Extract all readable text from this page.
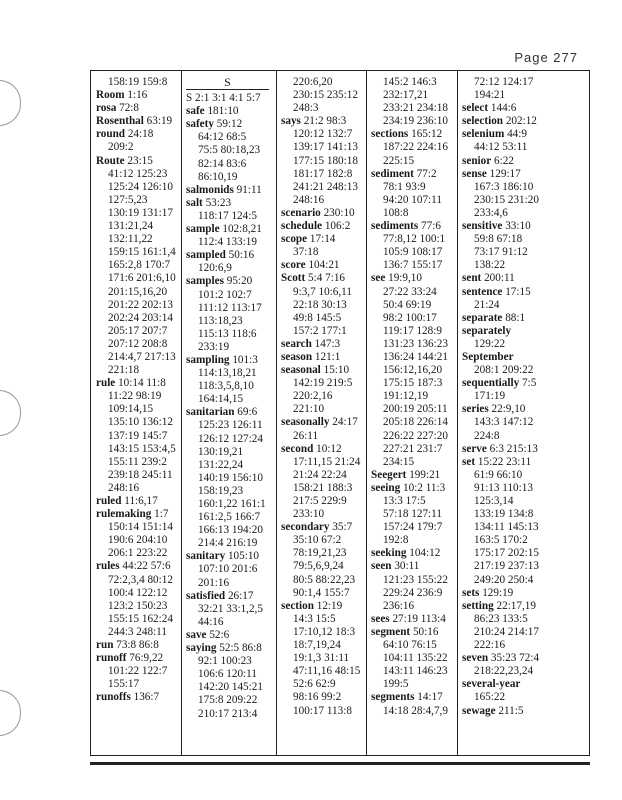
Page 277
158:19 159:8
Room 1:16
rosa 72:8
Rosenthal 63:19
round 24:18
209:2
Route 23:15
41:12 125:23
125:24 126:10
127:5,23
130:19 131:17
131:21,24
132:11,22
159:15 161:1,4
165:2,8 170:7
171:6 201:6,10
201:15,16,20
201:22 202:13
202:24 203:14
205:17 207:7
207:12 208:8
214:4,7 217:13
221:18
rule 10:14 11:8
11:22 98:19
109:14,15
135:10 136:12
137:19 145:7
143:15 153:4,5
155:11 239:2
239:18 245:11
248:16
ruled 11:6,17
rulemaking 1:7
150:14 151:14
190:6 204:10
206:1 223:22
rules 44:22 57:6
72:2,3,4 80:12
100:4 122:12
123:2 150:23
155:15 162:24
244:3 248:11
run 73:8 86:8
runoff 76:9,22
101:22 122:7
155:17
runoffs 136:7
S
S 2:1 3:1 4:1 5:7
safe 181:10
safety 59:12
64:12 68:5
75:5 80:18,23
82:14 83:6
86:10,19
salmonids 91:11
salt 53:23
118:17 124:5
sample 102:8,21
112:4 133:19
sampled 50:16
120:6,9
samples 95:20
101:2 102:7
111:12 113:17
113:18,23
115:13 118:6
233:19
sampling 101:3
114:13,18,21
118:3,5,8,10
164:14,15
sanitarian 69:6
125:23 126:11
126:12 127:24
130:19,21
131:22,24
140:19 156:10
158:19,23
160:1,22 161:1
161:2,5 166:7
166:13 194:20
214:4 216:19
sanitary 105:10
107:10 201:6
201:16
satisfied 26:17
32:21 33:1,2,5
44:16
save 52:6
saying 52:5 86:8
92:1 100:23
106:6 120:11
142:20 145:21
175:8 209:22
210:17 213:4
220:6,20
230:15 235:12
248:3
says 21:2 98:3
120:12 132:7
139:17 141:13
177:15 180:18
181:17 182:8
241:21 248:13
248:16
scenario 230:10
schedule 106:2
scope 17:14
37:18
score 104:21
Scott 5:4 7:16
9:3,7 10:6,11
22:18 30:13
49:8 145:5
157:2 177:1
search 147:3
season 121:1
seasonal 15:10
142:19 219:5
220:2,16
221:10
seasonally 24:17
26:11
second 10:12
17:11,15 21:24
21:24 22:24
158:21 188:3
217:5 229:9
233:10
secondary 35:7
35:10 67:2
78:19,21,23
79:5,6,9,24
80:5 88:22,23
90:1,4 155:7
section 12:19
14:3 15:5
17:10,12 18:3
18:7,19,24
19:1,3 31:11
47:11,16 48:15
52:6 62:9
98:16 99:2
100:17 113:8
145:2 146:3
232:17,21
233:21 234:18
234:19 236:10
sections 165:12
187:22 224:16
225:15
sediment 77:2
78:1 93:9
94:20 107:11
108:8
sediments 77:6
77:8,12 100:1
105:9 108:17
136:7 155:17
see 19:9,10
27:22 33:24
50:4 69:19
98:2 100:17
119:17 128:9
131:23 136:23
136:24 144:21
156:12,16,20
175:15 187:3
191:12,19
200:19 205:11
205:18 226:14
226:22 227:20
227:21 231:7
234:15
Seegert 199:21
seeing 10:2 11:3
13:3 17:5
57:18 127:11
157:24 179:7
192:8
seeking 104:12
seen 30:11
121:23 155:22
229:24 236:9
236:16
sees 27:19 113:4
segment 50:16
64:10 76:15
104:11 135:22
143:11 146:23
199:5
segments 14:17
14:18 28:4,7,9
72:12 124:17
194:21
select 144:6
selection 202:12
selenium 44:9
44:12 53:11
senior 6:22
sense 129:17
167:3 186:10
230:15 231:20
233:4,6
sensitive 33:10
59:8 67:18
73:17 91:12
138:22
sent 200:11
sentence 17:15
21:24
separate 88:1
separately
129:22
September
208:1 209:22
sequentially 7:5
171:19
series 22:9,10
143:3 147:12
224:8
serve 6:3 215:13
set 15:22 23:11
61:9 66:10
91:13 110:13
125:3,14
133:19 134:8
134:11 145:13
163:5 170:2
175:17 202:15
217:19 237:13
249:20 250:4
sets 129:19
setting 22:17,19
86:23 133:5
210:24 214:17
222:16
seven 35:23 72:4
218:22,23,24
several-year
165:22
sewage 211:5
